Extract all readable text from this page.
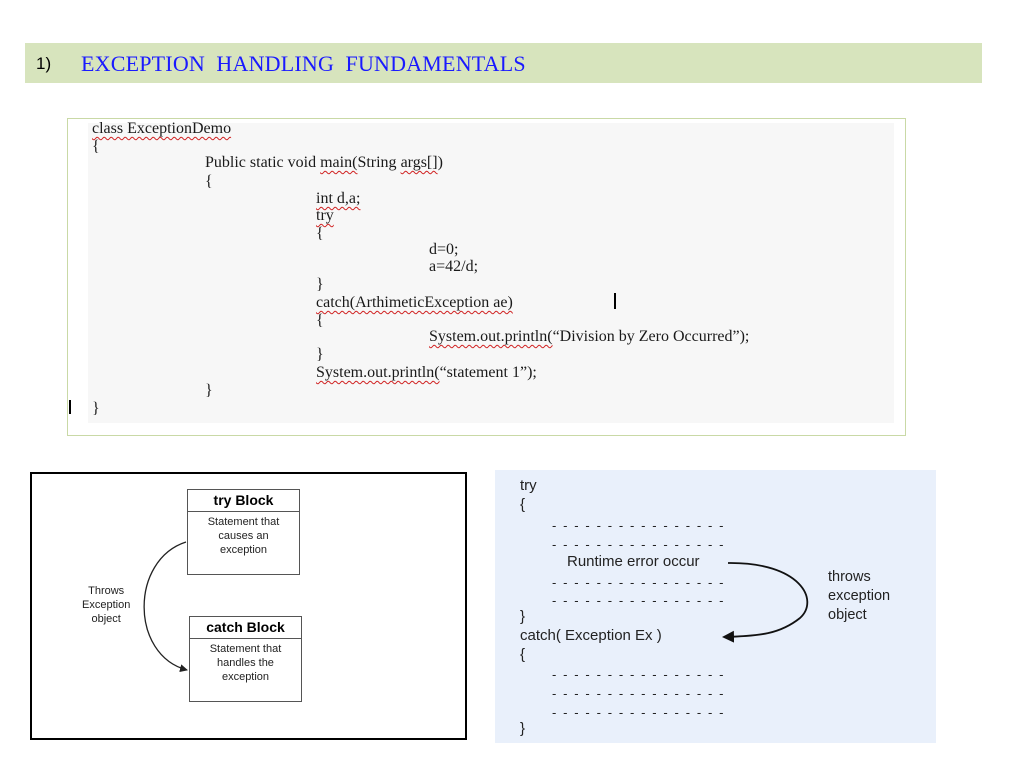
1) EXCEPTION  HANDLING  FUNDAMENTALS
class ExceptionDemo
{
Public static void main(String args[])
{
int d,a;
try
{
d=0;
a=42/d;
}
catch(ArthimeticException ae)
{
System.out.println(“Division by Zero Occurred”);
}
System.out.println(“statement 1”);
}
}
try Block
Statement that
causes an
exception
catch Block
Statement that
handles the
exception
Throws
Exception
object
try
{
- - - - - - - - - - - - - - - -
- - - - - - - - - - - - - - - -
Runtime error occur
- - - - - - - - - - - - - - - -
- - - - - - - - - - - - - - - -
}
catch( Exception Ex )
{
- - - - - - - - - - - - - - - -
- - - - - - - - - - - - - - - -
- - - - - - - - - - - - - - - -
}
throws
exception
object
